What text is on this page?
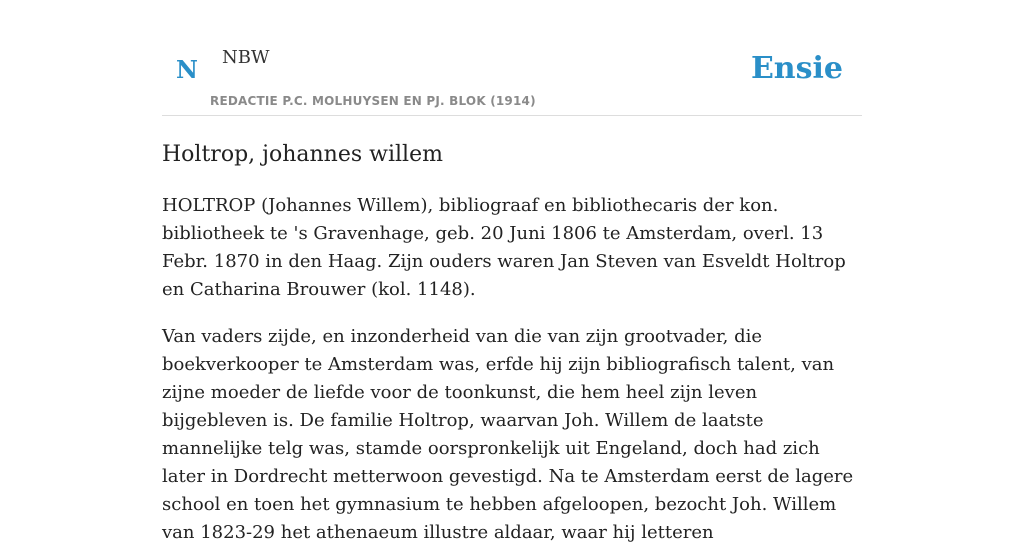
N NBW
REDACTIE P.C. MOLHUYSEN EN PJ. BLOK (1914)
Ensie
Holtrop, johannes willem

HOLTROP (Johannes Willem), bibliograaf en bibliothecaris der kon. bibliotheek te 's Gravenhage, geb. 20 Juni 1806 te Amsterdam, overl. 13 Febr. 1870 in den Haag. Zijn ouders waren Jan Steven van Esveldt Holtrop en Catharina Brouwer (kol. 1148).

Van vaders zijde, en inzonderheid van die van zijn grootvader, die boekverkooper te Amsterdam was, erfde hij zijn bibliografisch talent, van zijne moeder de liefde voor de toonkunst, die hem heel zijn leven bijgebleven is. De familie Holtrop, waarvan Joh. Willem de laatste mannelijke telg was, stamde oorspronkelijk uit Engeland, doch had zich later in Dordrecht metterwoon gevestigd. Na te Amsterdam eerst de lagere school en toen het gymnasium te hebben afgeloopen, bezocht Joh. Willem van 1823-29 het athenaeum illustre aldaar, waar hij letteren
